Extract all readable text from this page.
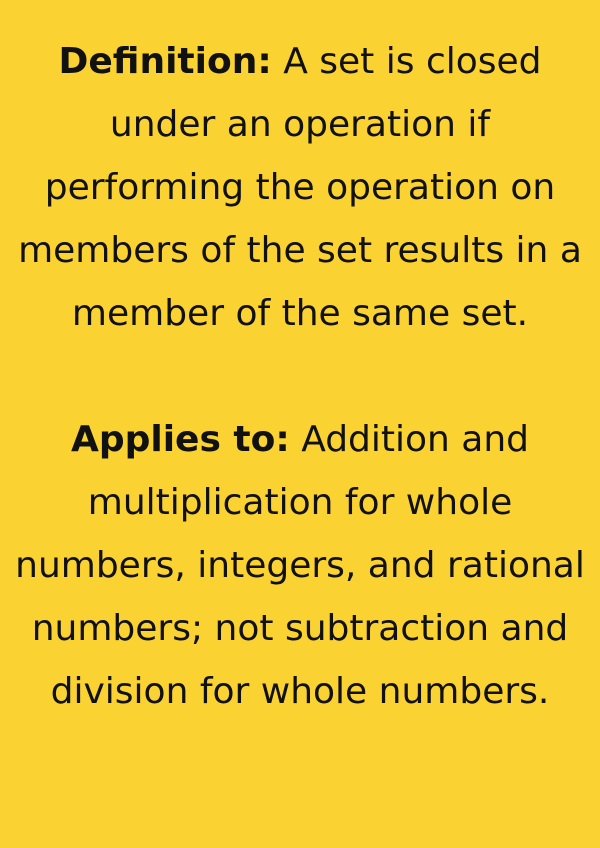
Definition: A set is closed under an operation if performing the operation on members of the set results in a member of the same set.

Applies to: Addition and multiplication for whole numbers, integers, and rational numbers; not subtraction and division for whole numbers.
